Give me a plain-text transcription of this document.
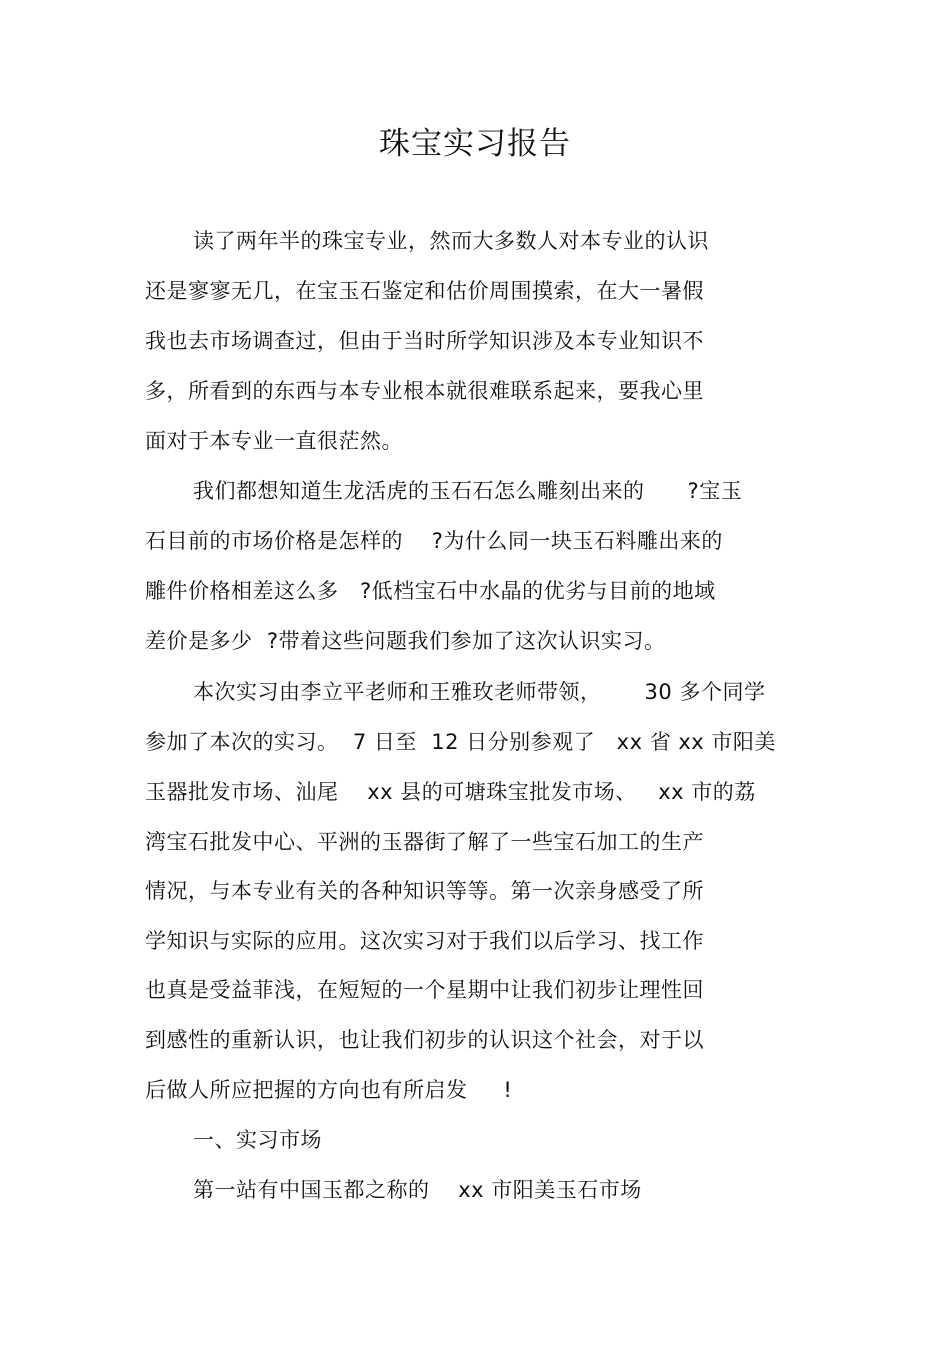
珠宝实习报告
读了两年半的珠宝专业，然而大多数人对本专业的认识
还是寥寥无几，在宝玉石鉴定和估价周围摸索，在大一暑假
我也去市场调查过，但由于当时所学知识涉及本专业知识不
多，所看到的东西与本专业根本就很难联系起来，要我心里
面对于本专业一直很茫然。
我们都想知道生龙活虎的玉石石怎么雕刻出来的      ?宝玉
石目前的市场价格是怎样的    ?为什么同一块玉石料雕出来的
雕件价格相差这么多   ?低档宝石中水晶的优劣与目前的地域
差价是多少  ?带着这些问题我们参加了这次认识实习。
本次实习由李立平老师和王雅玫老师带领，      30 多个同学
参加了本次的实习。  7 日至  12 日分别参观了   xx 省 xx 市阳美
玉器批发市场、汕尾    xx 县的可塘珠宝批发市场、   xx 市的荔
湾宝石批发中心、平洲的玉器街了解了一些宝石加工的生产
情况，与本专业有关的各种知识等等。第一次亲身感受了所
学知识与实际的应用。这次实习对于我们以后学习、找工作
也真是受益菲浅，在短短的一个星期中让我们初步让理性回
到感性的重新认识，也让我们初步的认识这个社会，对于以
后做人所应把握的方向也有所启发     !
一、实习市场
第一站有中国玉都之称的    xx 市阳美玉石市场
